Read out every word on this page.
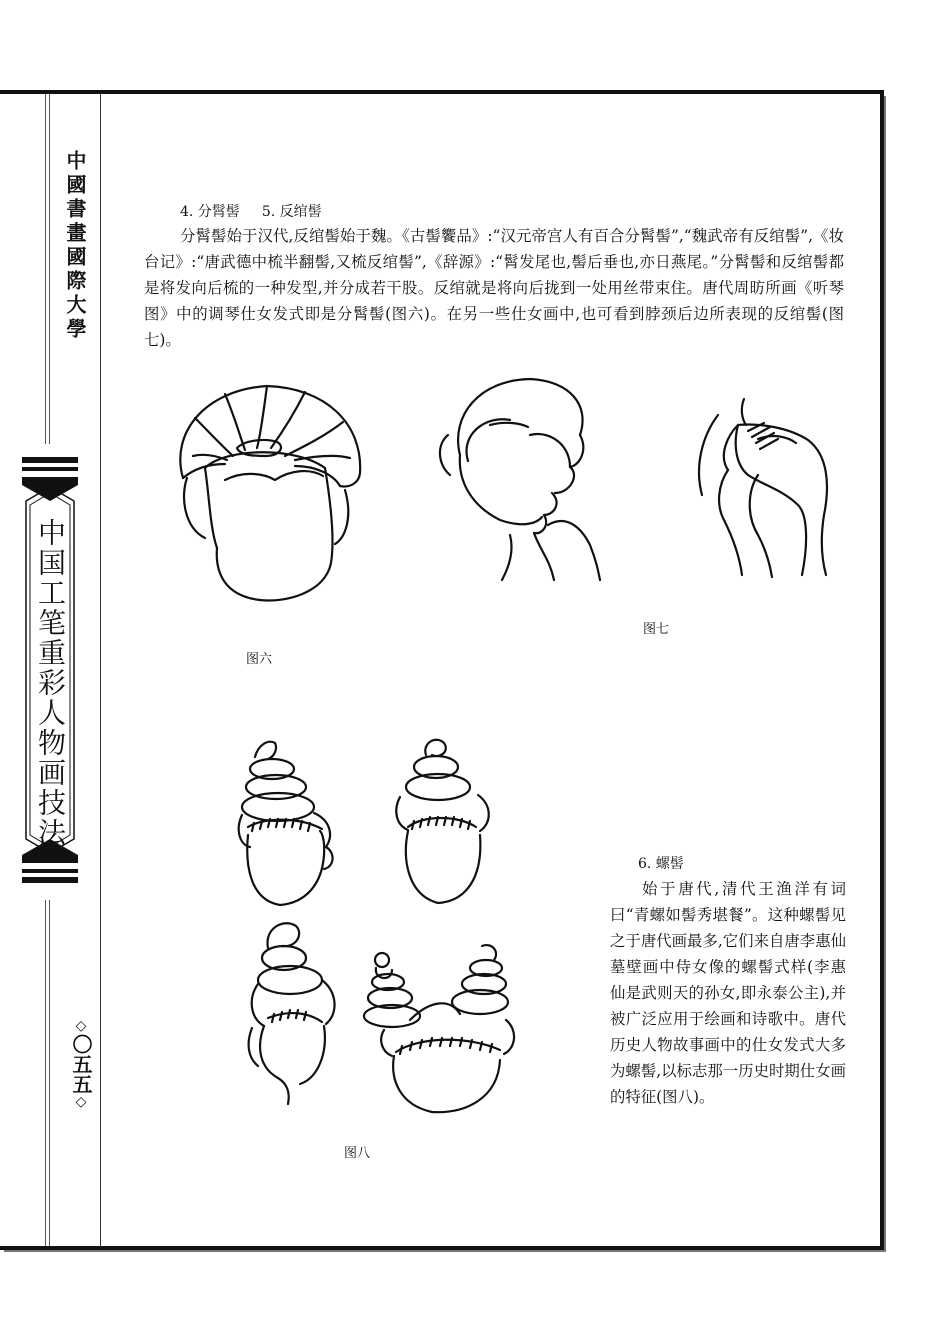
中國書畫國際大學
中国工笔重彩人物画技法
◇〇五五◇
4. 分髾髻 5. 反绾髻
分髾髻始于汉代,反绾髻始于魏。《古髻饗品》:“汉元帝宫人有百合分髾髻”,“魏武帝有反绾髻”,《妆台记》:“唐武德中梳半翻髻,又梳反绾髻”,《辞源》:“髾发尾也,髻后垂也,亦日燕尾。”分髾髻和反绾髻都是将发向后梳的一种发型,并分成若干股。反绾就是将向后拢到一处用丝带束住。唐代周昉所画《听琴图》中的调琴仕女发式即是分髾髻(图六)。在另一些仕女画中,也可看到脖颈后边所表现的反绾髻(图七)。
图六
图七
图八
6. 螺髻
始于唐代,清代王渔洋有词曰“青螺如髻秀堪餐”。这种螺髻见之于唐代画最多,它们来自唐李惠仙墓壁画中侍女像的螺髻式样(李惠仙是武则天的孙女,即永泰公主),并被广泛应用于绘画和诗歌中。唐代历史人物故事画中的仕女发式大多为螺髻,以标志那一历史时期仕女画的特征(图八)。
